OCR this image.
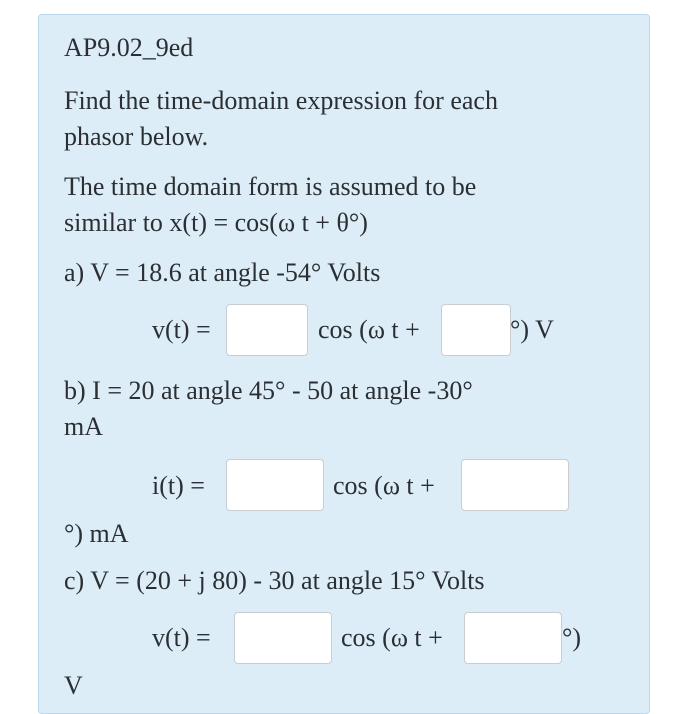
AP9.02_9ed
Find the time-domain expression for each
phasor below.
The time domain form is assumed to be
similar to x(t) = cos(ω t + θ°)
a) V = 18.6 at angle -54° Volts
v(t) =	cos (ω t +	°) V
b) I = 20 at angle 45° - 50 at angle -30°
mA
i(t) =	cos (ω t +
°) mA
c) V = (20 + j 80) - 30 at angle 15° Volts
v(t) =	cos (ω t +	°)
V
